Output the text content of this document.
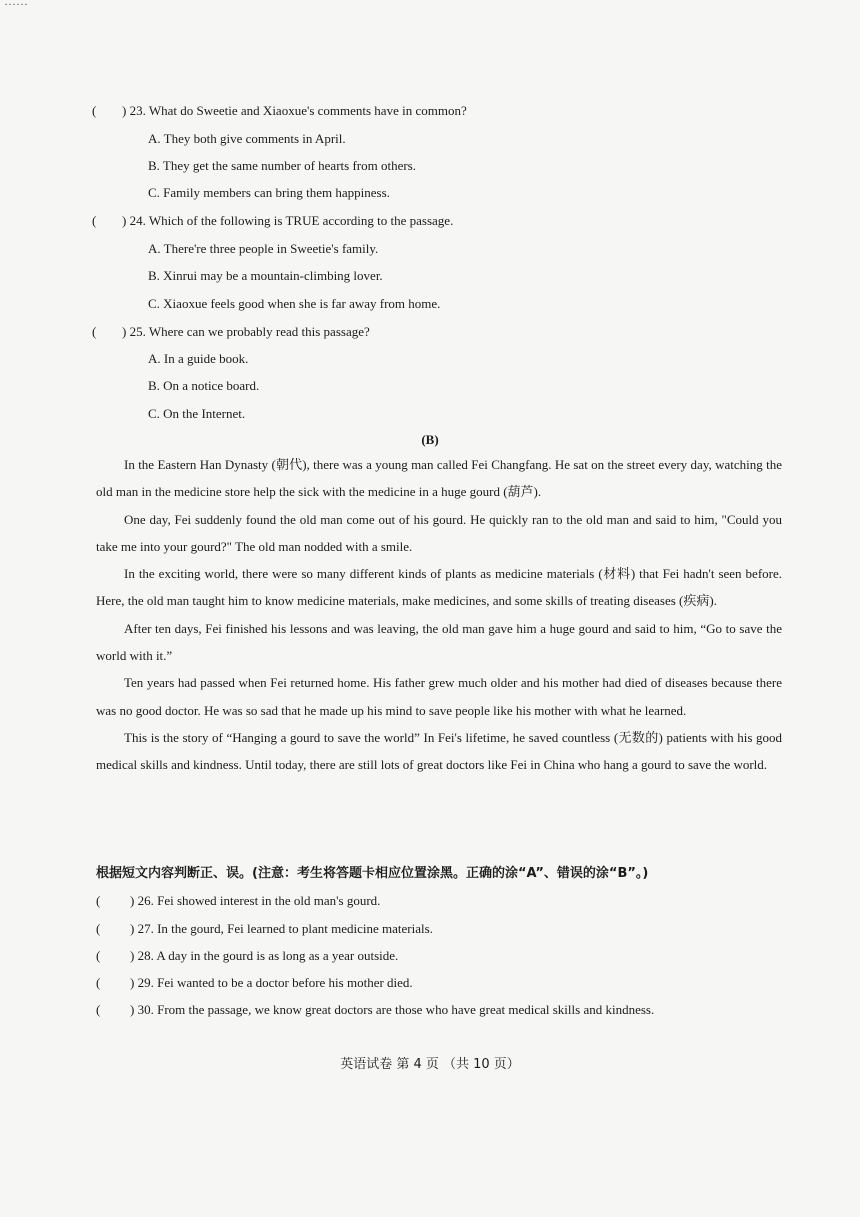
……
( ) 23. What do Sweetie and Xiaoxue's comments have in common?
A. They both give comments in April.
B. They get the same number of hearts from others.
C. Family members can bring them happiness.
( ) 24. Which of the following is TRUE according to the passage.
A. There're three people in Sweetie's family.
B. Xinrui may be a mountain-climbing lover.
C. Xiaoxue feels good when she is far away from home.
( ) 25. Where can we probably read this passage?
A. In a guide book.
B. On a notice board.
C. On the Internet.
(B)

In the Eastern Han Dynasty (朝代), there was a young man called Fei Changfang. He sat on the street every day, watching the old man in the medicine store help the sick with the medicine in a huge gourd (葫芦).

One day, Fei suddenly found the old man come out of his gourd. He quickly ran to the old man and said to him, "Could you take me into your gourd?" The old man nodded with a smile.

In the exciting world, there were so many different kinds of plants as medicine materials (材料) that Fei hadn't seen before. Here, the old man taught him to know medicine materials, make medicines, and some skills of treating diseases (疾病).

After ten days, Fei finished his lessons and was leaving, the old man gave him a huge gourd and said to him, “Go to save the world with it.”

Ten years had passed when Fei returned home. His father grew much older and his mother had died of diseases because there was no good doctor. He was so sad that he made up his mind to save people like his mother with what he learned.

This is the story of “Hanging a gourd to save the world” In Fei's lifetime, he saved countless (无数的) patients with his good medical skills and kindness. Until today, there are still lots of great doctors like Fei in China who hang a gourd to save the world.

根据短文内容判断正、误。(注意：考生将答题卡相应位置涂黑。正确的涂“A”、错误的涂“B”。)
( ) 26. Fei showed interest in the old man's gourd.
( ) 27. In the gourd, Fei learned to plant medicine materials.
( ) 28. A day in the gourd is as long as a year outside.
( ) 29. Fei wanted to be a doctor before his mother died.
( ) 30. From the passage, we know great doctors are those who have great medical skills and kindness.
英语试卷 第 4 页 （共 10 页）
